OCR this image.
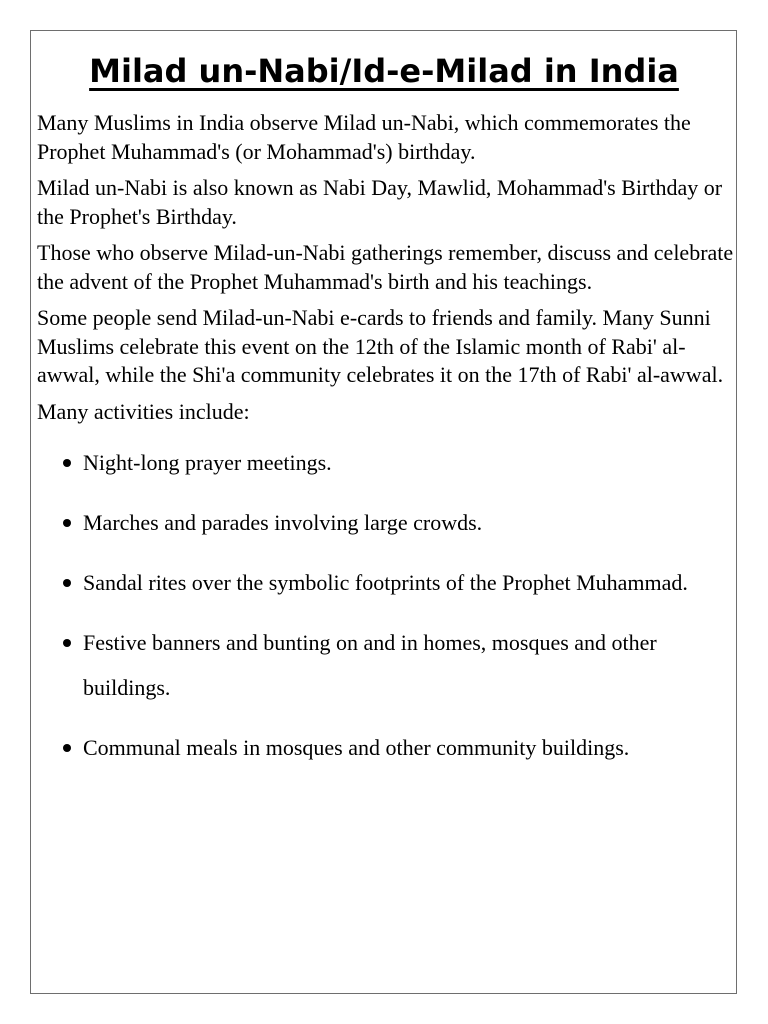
Milad un-Nabi/Id-e-Milad in India

Many Muslims in India observe Milad un-Nabi, which commemorates the Prophet Muhammad's (or Mohammad's) birthday.

Milad un-Nabi is also known as Nabi Day, Mawlid, Mohammad's Birthday or the Prophet's Birthday.

Those who observe Milad-un-Nabi gatherings remember, discuss and celebrate the advent of the Prophet Muhammad's birth and his teachings.

Some people send Milad-un-Nabi e-cards to friends and family. Many Sunni Muslims celebrate this event on the 12th of the Islamic month of Rabi' al-awwal, while the Shi'a community celebrates it on the 17th of Rabi' al-awwal.

Many activities include:

Night-long prayer meetings.
Marches and parades involving large crowds.
Sandal rites over the symbolic footprints of the Prophet Muhammad.
Festive banners and bunting on and in homes, mosques and other buildings.
Communal meals in mosques and other community buildings.
